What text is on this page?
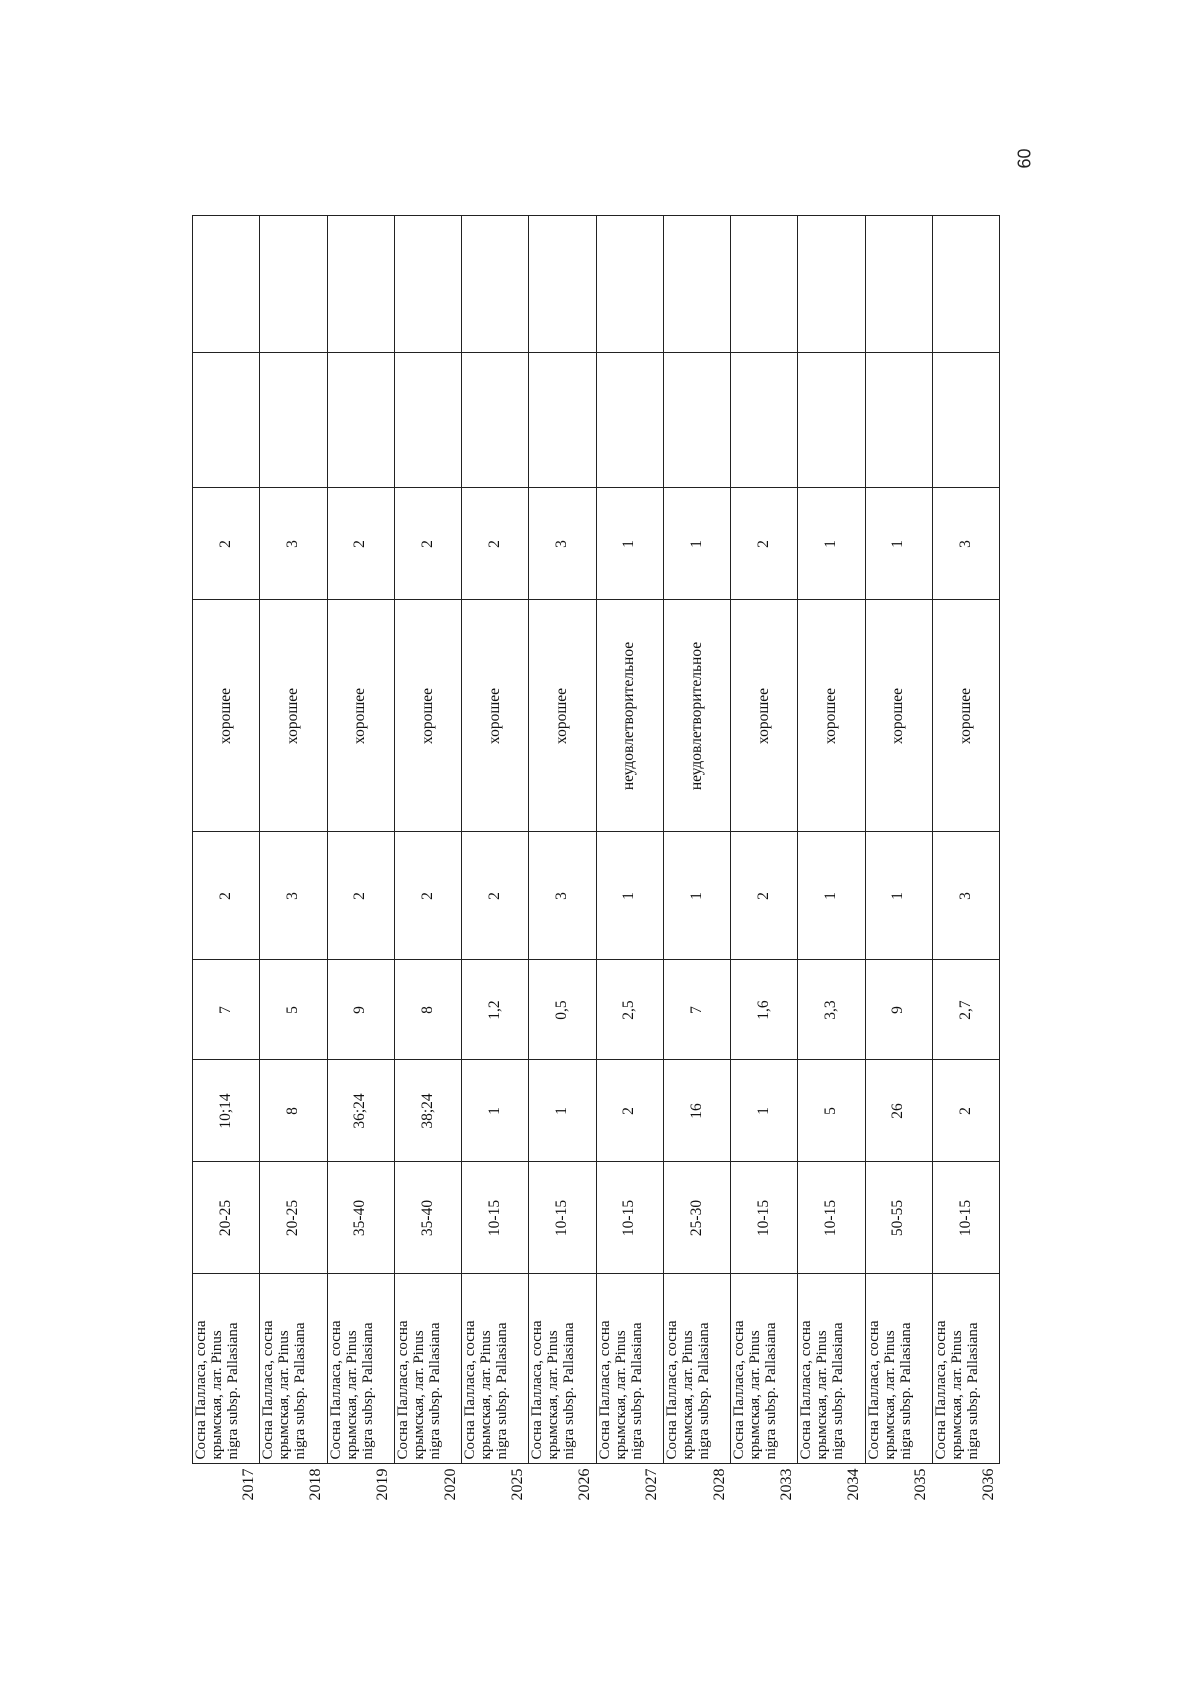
60
2017	Сосна Палласа, сосна крымская, лат. Pinus nigra subsp. Pallasiana	20-25	10;14	7	2	хорошее	2		
2018	Сосна Палласа, сосна крымская, лат. Pinus nigra subsp. Pallasiana	20-25	8	5	3	хорошее	3		
2019	Сосна Палласа, сосна крымская, лат. Pinus nigra subsp. Pallasiana	35-40	36;24	9	2	хорошее	2		
2020	Сосна Палласа, сосна крымская, лат. Pinus nigra subsp. Pallasiana	35-40	38;24	8	2	хорошее	2		
2025	Сосна Палласа, сосна крымская, лат. Pinus nigra subsp. Pallasiana	10-15	1	1,2	2	хорошее	2		
2026	Сосна Палласа, сосна крымская, лат. Pinus nigra subsp. Pallasiana	10-15	1	0,5	3	хорошее	3		
2027	Сосна Палласа, сосна крымская, лат. Pinus nigra subsp. Pallasiana	10-15	2	2,5	1	неудовлетворительное	1		
2028	Сосна Палласа, сосна крымская, лат. Pinus nigra subsp. Pallasiana	25-30	16	7	1	неудовлетворительное	1		
2033	Сосна Палласа, сосна крымская, лат. Pinus nigra subsp. Pallasiana	10-15	1	1,6	2	хорошее	2		
2034	Сосна Палласа, сосна крымская, лат. Pinus nigra subsp. Pallasiana	10-15	5	3,3	1	хорошее	1		
2035	Сосна Палласа, сосна крымская, лат. Pinus nigra subsp. Pallasiana	50-55	26	9	1	хорошее	1		
2036	Сосна Палласа, сосна крымская, лат. Pinus nigra subsp. Pallasiana	10-15	2	2,7	3	хорошее	3		
